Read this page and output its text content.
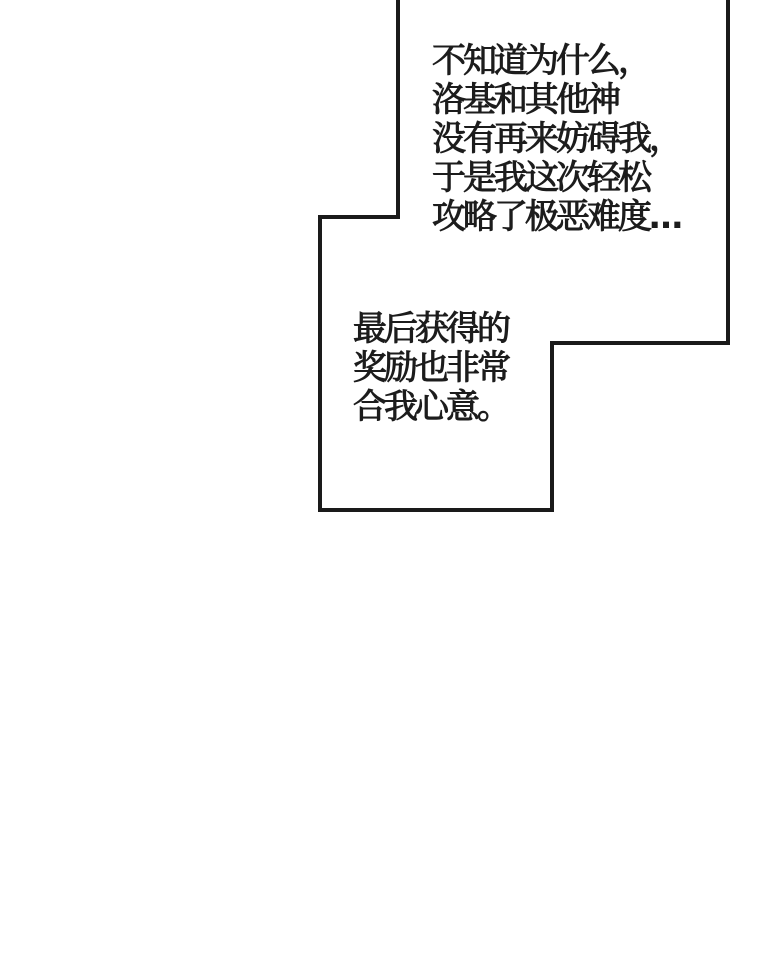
不知道为什么，
洛基和其他神
没有再来妨碍我，
于是我这次轻松
攻略了极恶难度…
最后获得的
奖励也非常
合我心意。
